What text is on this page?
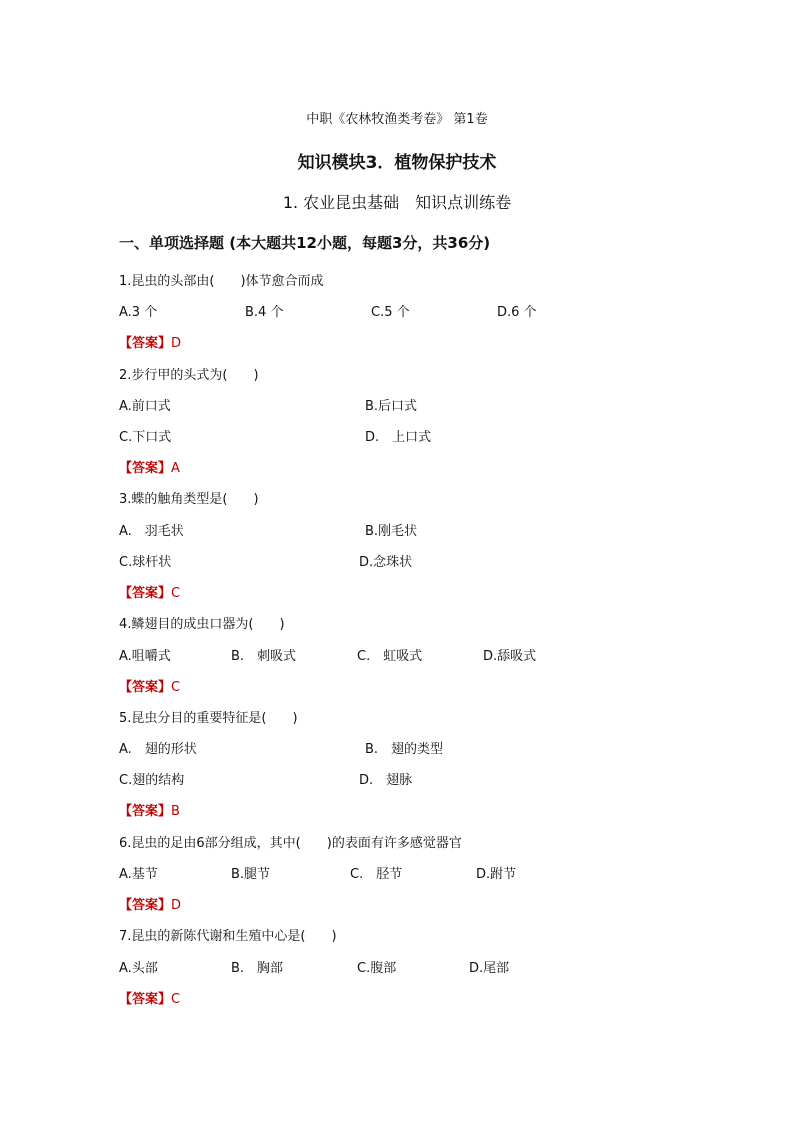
中职《农林牧渔类考卷》 第1卷
知识模块3．植物保护技术
1. 农业昆虫基础　知识点训练卷
一、单项选择题 (本大题共12小题，每题3分，共36分)
1.昆虫的头部由(　　)体节愈合而成
A.3 个	B.4 个	C.5 个	D.6 个
【答案】D
2.步行甲的头式为(　　)
A.前口式	B.后口式
C.下口式	D.　上口式
【答案】A
3.蝶的触角类型是(　　)
A.　羽毛状	B.刚毛状
C.球杆状	D.念珠状
【答案】C
4.鳞翅目的成虫口器为(　　)
A.咀嚼式	B.　刺吸式	C.　虹吸式	D.舔吸式
【答案】C
5.昆虫分目的重要特征是(　　)
A.　翅的形状	B.　翅的类型
C.翅的结构	D.　翅脉
【答案】B
6.昆虫的足由6部分组成，其中(　　)的表面有许多感觉器官
A.基节	B.腿节	C.　胫节	D.跗节
【答案】D
7.昆虫的新陈代谢和生殖中心是(　　)
A.头部	B.　胸部	C.腹部	D.尾部
【答案】C
